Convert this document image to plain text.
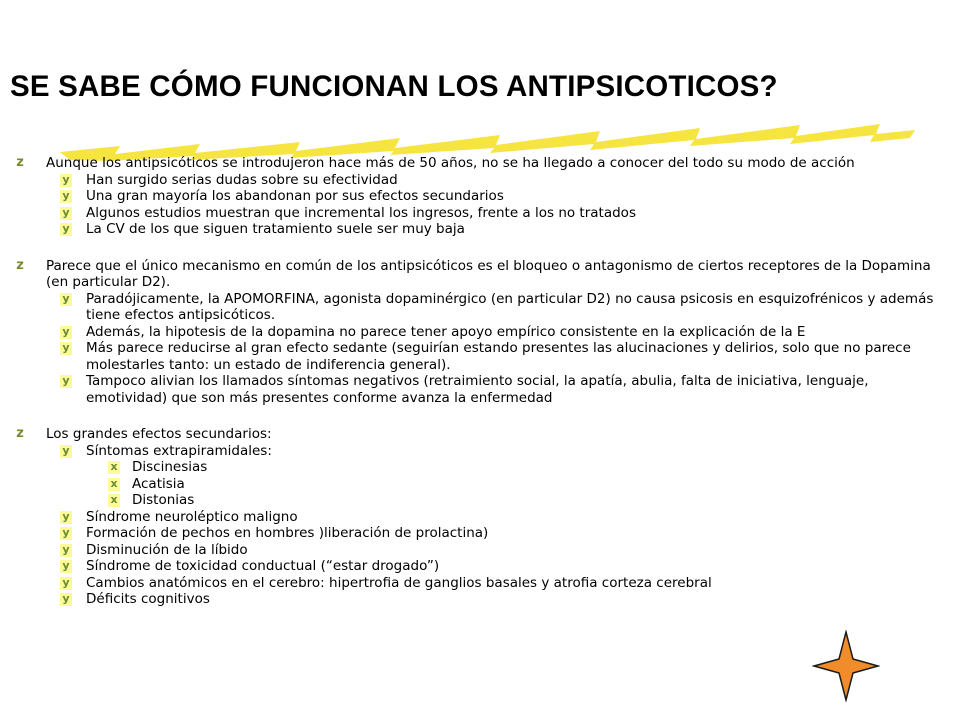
SE SABE CÓMO FUNCIONAN LOS ANTIPSICOTICOS?
z Aunque los antipsicóticos se introdujeron hace más de 50 años, no se ha llegado a conocer del todo su modo de acción
y Han surgido serias dudas sobre su efectividad
y Una gran mayoría los abandonan por sus efectos secundarios
y Algunos estudios muestran que incremental los ingresos, frente a los no tratados
y La CV de los que siguen tratamiento suele ser muy baja
z Parece que el único mecanismo en común de los antipsicóticos es el bloqueo o antagonismo de ciertos receptores de la Dopamina (en particular D2).
y Paradójicamente, la APOMORFINA, agonista dopaminérgico (en particular D2) no causa psicosis en esquizofrénicos y además tiene efectos antipsicóticos.
y Además, la hipotesis de la dopamina no parece tener apoyo empírico consistente en la explicación de la E
y Más parece reducirse al gran efecto sedante (seguirían estando presentes las alucinaciones y delirios, solo que no parece molestarles tanto: un estado de indiferencia general).
y Tampoco alivian los llamados síntomas negativos (retraimiento social, la apatía, abulia, falta de iniciativa, lenguaje, emotividad) que son más presentes conforme avanza la enfermedad
z Los grandes efectos secundarios:
y Síntomas extrapiramidales:
x Discinesias
x Acatisia
x Distonias
y Síndrome neuroléptico maligno
y Formación de pechos en hombres )liberación de prolactina)
y Disminución de la líbido
y Síndrome de toxicidad conductual (“estar drogado”)
y Cambios anatómicos en el cerebro: hipertrofia de ganglios basales y atrofia corteza cerebral
y Déficits cognitivos
